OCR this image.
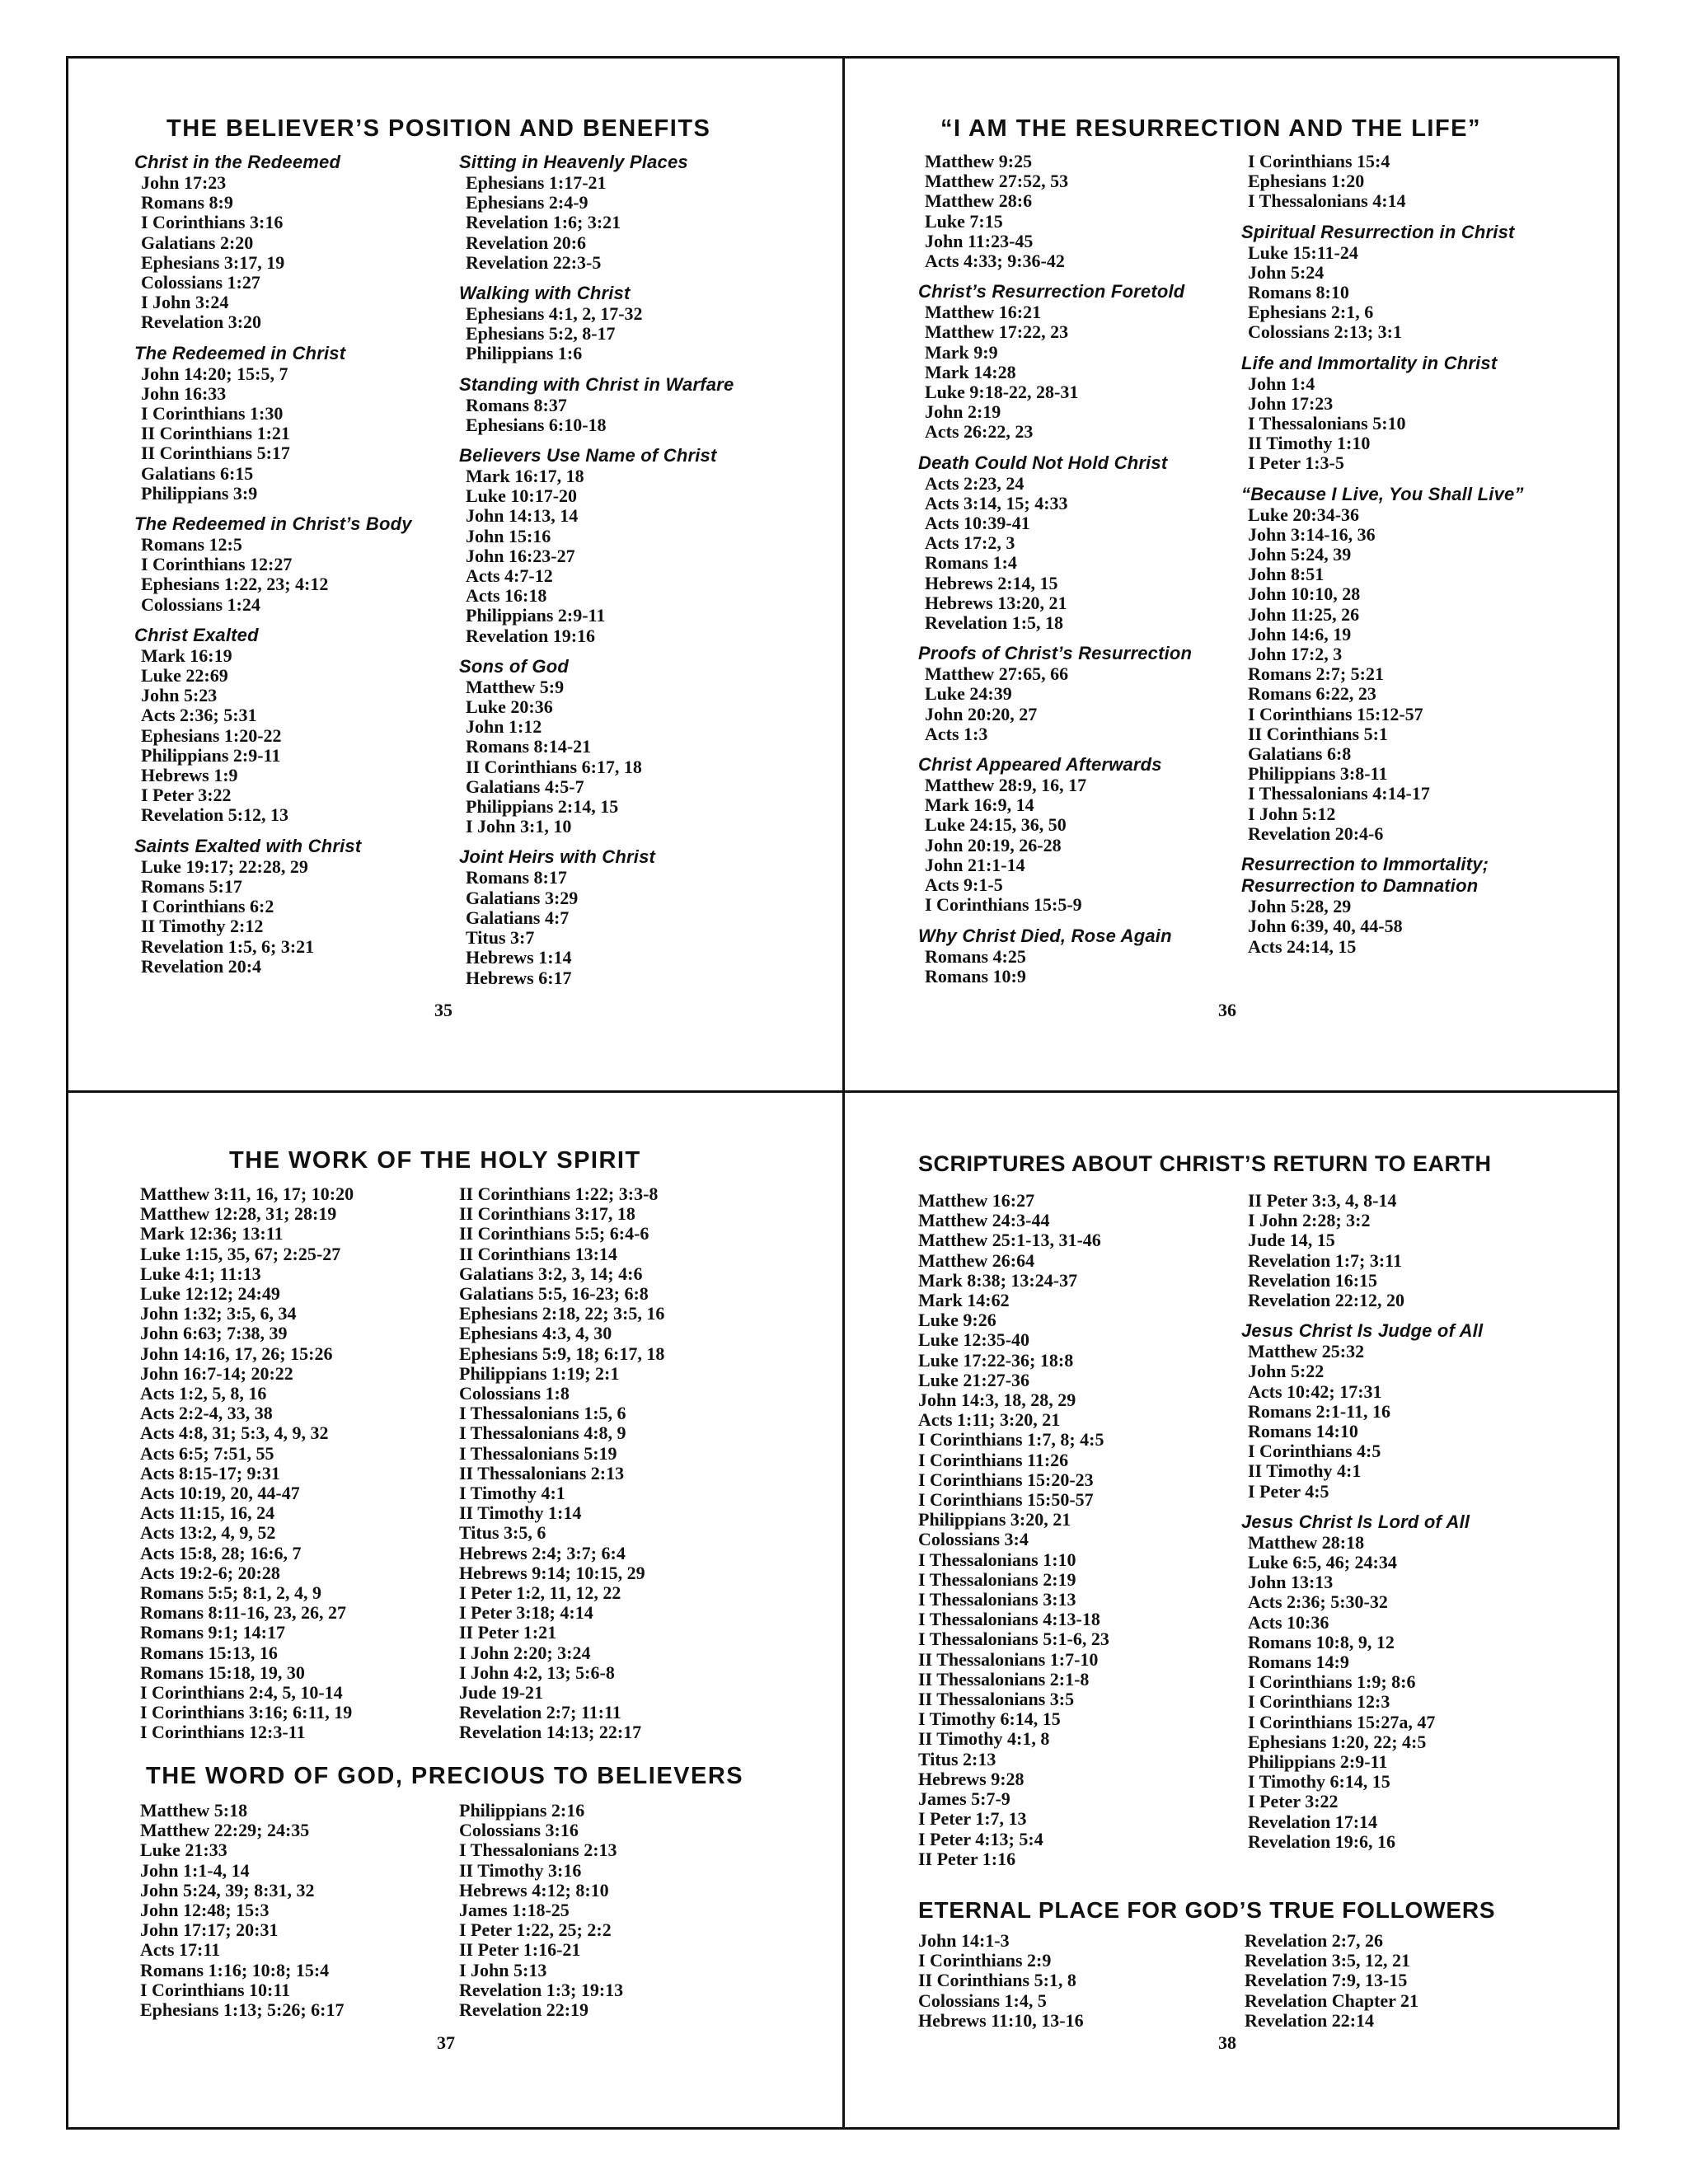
THE BELIEVER’S POSITION AND BENEFITS
Christ in the Redeemed
John 17:23
Romans 8:9
I Corinthians 3:16
Galatians 2:20
Ephesians 3:17, 19
Colossians 1:27
I John 3:24
Revelation 3:20
The Redeemed in Christ
John 14:20; 15:5, 7
John 16:33
I Corinthians 1:30
II Corinthians 1:21
II Corinthians 5:17
Galatians 6:15
Philippians 3:9
The Redeemed in Christ’s Body
Romans 12:5
I Corinthians 12:27
Ephesians 1:22, 23; 4:12
Colossians 1:24
Christ Exalted
Mark 16:19
Luke 22:69
John 5:23
Acts 2:36; 5:31
Ephesians 1:20-22
Philippians 2:9-11
Hebrews 1:9
I Peter 3:22
Revelation 5:12, 13
Saints Exalted with Christ
Luke 19:17; 22:28, 29
Romans 5:17
I Corinthians 6:2
II Timothy 2:12
Revelation 1:5, 6; 3:21
Revelation 20:4
Sitting in Heavenly Places
Ephesians 1:17-21
Ephesians 2:4-9
Revelation 1:6; 3:21
Revelation 20:6
Revelation 22:3-5
Walking with Christ
Ephesians 4:1, 2, 17-32
Ephesians 5:2, 8-17
Philippians 1:6
Standing with Christ in Warfare
Romans 8:37
Ephesians 6:10-18
Believers Use Name of Christ
Mark 16:17, 18
Luke 10:17-20
John 14:13, 14
John 15:16
John 16:23-27
Acts 4:7-12
Acts 16:18
Philippians 2:9-11
Revelation 19:16
Sons of God
Matthew 5:9
Luke 20:36
John 1:12
Romans 8:14-21
II Corinthians 6:17, 18
Galatians 4:5-7
Philippians 2:14, 15
I John 3:1, 10
Joint Heirs with Christ
Romans 8:17
Galatians 3:29
Galatians 4:7
Titus 3:7
Hebrews 1:14
Hebrews 6:17
35
“I AM THE RESURRECTION AND THE LIFE”
Matthew 9:25
Matthew 27:52, 53
Matthew 28:6
Luke 7:15
John 11:23-45
Acts 4:33; 9:36-42
Christ’s Resurrection Foretold
Matthew 16:21
Matthew 17:22, 23
Mark 9:9
Mark 14:28
Luke 9:18-22, 28-31
John 2:19
Acts 26:22, 23
Death Could Not Hold Christ
Acts 2:23, 24
Acts 3:14, 15; 4:33
Acts 10:39-41
Acts 17:2, 3
Romans 1:4
Hebrews 2:14, 15
Hebrews 13:20, 21
Revelation 1:5, 18
Proofs of Christ’s Resurrection
Matthew 27:65, 66
Luke 24:39
John 20:20, 27
Acts 1:3
Christ Appeared Afterwards
Matthew 28:9, 16, 17
Mark 16:9, 14
Luke 24:15, 36, 50
John 20:19, 26-28
John 21:1-14
Acts 9:1-5
I Corinthians 15:5-9
Why Christ Died, Rose Again
Romans 4:25
Romans 10:9
I Corinthians 15:4
Ephesians 1:20
I Thessalonians 4:14
Spiritual Resurrection in Christ
Luke 15:11-24
John 5:24
Romans 8:10
Ephesians 2:1, 6
Colossians 2:13; 3:1
Life and Immortality in Christ
John 1:4
John 17:23
I Thessalonians 5:10
II Timothy 1:10
I Peter 1:3-5
“Because I Live, You Shall Live”
Luke 20:34-36
John 3:14-16, 36
John 5:24, 39
John 8:51
John 10:10, 28
John 11:25, 26
John 14:6, 19
John 17:2, 3
Romans 2:7; 5:21
Romans 6:22, 23
I Corinthians 15:12-57
II Corinthians 5:1
Galatians 6:8
Philippians 3:8-11
I Thessalonians 4:14-17
I John 5:12
Revelation 20:4-6
Resurrection to Immortality;
Resurrection to Damnation
John 5:28, 29
John 6:39, 40, 44-58
Acts 24:14, 15
36
THE WORK OF THE HOLY SPIRIT
Matthew 3:11, 16, 17; 10:20
Matthew 12:28, 31; 28:19
Mark 12:36; 13:11
Luke 1:15, 35, 67; 2:25-27
Luke 4:1; 11:13
Luke 12:12; 24:49
John 1:32; 3:5, 6, 34
John 6:63; 7:38, 39
John 14:16, 17, 26; 15:26
John 16:7-14; 20:22
Acts 1:2, 5, 8, 16
Acts 2:2-4, 33, 38
Acts 4:8, 31; 5:3, 4, 9, 32
Acts 6:5; 7:51, 55
Acts 8:15-17; 9:31
Acts 10:19, 20, 44-47
Acts 11:15, 16, 24
Acts 13:2, 4, 9, 52
Acts 15:8, 28; 16:6, 7
Acts 19:2-6; 20:28
Romans 5:5; 8:1, 2, 4, 9
Romans 8:11-16, 23, 26, 27
Romans 9:1; 14:17
Romans 15:13, 16
Romans 15:18, 19, 30
I Corinthians 2:4, 5, 10-14
I Corinthians 3:16; 6:11, 19
I Corinthians 12:3-11
II Corinthians 1:22; 3:3-8
II Corinthians 3:17, 18
II Corinthians 5:5; 6:4-6
II Corinthians 13:14
Galatians 3:2, 3, 14; 4:6
Galatians 5:5, 16-23; 6:8
Ephesians 2:18, 22; 3:5, 16
Ephesians 4:3, 4, 30
Ephesians 5:9, 18; 6:17, 18
Philippians 1:19; 2:1
Colossians 1:8
I Thessalonians 1:5, 6
I Thessalonians 4:8, 9
I Thessalonians 5:19
II Thessalonians 2:13
I Timothy 4:1
II Timothy 1:14
Titus 3:5, 6
Hebrews 2:4; 3:7; 6:4
Hebrews 9:14; 10:15, 29
I Peter 1:2, 11, 12, 22
I Peter 3:18; 4:14
II Peter 1:21
I John 2:20; 3:24
I John 4:2, 13; 5:6-8
Jude 19-21
Revelation 2:7; 11:11
Revelation 14:13; 22:17
THE WORD OF GOD, PRECIOUS TO BELIEVERS
Matthew 5:18
Matthew 22:29; 24:35
Luke 21:33
John 1:1-4, 14
John 5:24, 39; 8:31, 32
John 12:48; 15:3
John 17:17; 20:31
Acts 17:11
Romans 1:16; 10:8; 15:4
I Corinthians 10:11
Ephesians 1:13; 5:26; 6:17
Philippians 2:16
Colossians 3:16
I Thessalonians 2:13
II Timothy 3:16
Hebrews 4:12; 8:10
James 1:18-25
I Peter 1:22, 25; 2:2
II Peter 1:16-21
I John 5:13
Revelation 1:3; 19:13
Revelation 22:19
37
SCRIPTURES ABOUT CHRIST’S RETURN TO EARTH
Matthew 16:27
Matthew 24:3-44
Matthew 25:1-13, 31-46
Matthew 26:64
Mark 8:38; 13:24-37
Mark 14:62
Luke 9:26
Luke 12:35-40
Luke 17:22-36; 18:8
Luke 21:27-36
John 14:3, 18, 28, 29
Acts 1:11; 3:20, 21
I Corinthians 1:7, 8; 4:5
I Corinthians 11:26
I Corinthians 15:20-23
I Corinthians 15:50-57
Philippians 3:20, 21
Colossians 3:4
I Thessalonians 1:10
I Thessalonians 2:19
I Thessalonians 3:13
I Thessalonians 4:13-18
I Thessalonians 5:1-6, 23
II Thessalonians 1:7-10
II Thessalonians 2:1-8
II Thessalonians 3:5
I Timothy 6:14, 15
II Timothy 4:1, 8
Titus 2:13
Hebrews 9:28
James 5:7-9
I Peter 1:7, 13
I Peter 4:13; 5:4
II Peter 1:16
II Peter 3:3, 4, 8-14
I John 2:28; 3:2
Jude 14, 15
Revelation 1:7; 3:11
Revelation 16:15
Revelation 22:12, 20
Jesus Christ Is Judge of All
Matthew 25:32
John 5:22
Acts 10:42; 17:31
Romans 2:1-11, 16
Romans 14:10
I Corinthians 4:5
II Timothy 4:1
I Peter 4:5
Jesus Christ Is Lord of All
Matthew 28:18
Luke 6:5, 46; 24:34
John 13:13
Acts 2:36; 5:30-32
Acts 10:36
Romans 10:8, 9, 12
Romans 14:9
I Corinthians 1:9; 8:6
I Corinthians 12:3
I Corinthians 15:27a, 47
Ephesians 1:20, 22; 4:5
Philippians 2:9-11
I Timothy 6:14, 15
I Peter 3:22
Revelation 17:14
Revelation 19:6, 16
ETERNAL PLACE FOR GOD’S TRUE FOLLOWERS
John 14:1-3
I Corinthians 2:9
II Corinthians 5:1, 8
Colossians 1:4, 5
Hebrews 11:10, 13-16
Revelation 2:7, 26
Revelation 3:5, 12, 21
Revelation 7:9, 13-15
Revelation Chapter 21
Revelation 22:14
38
